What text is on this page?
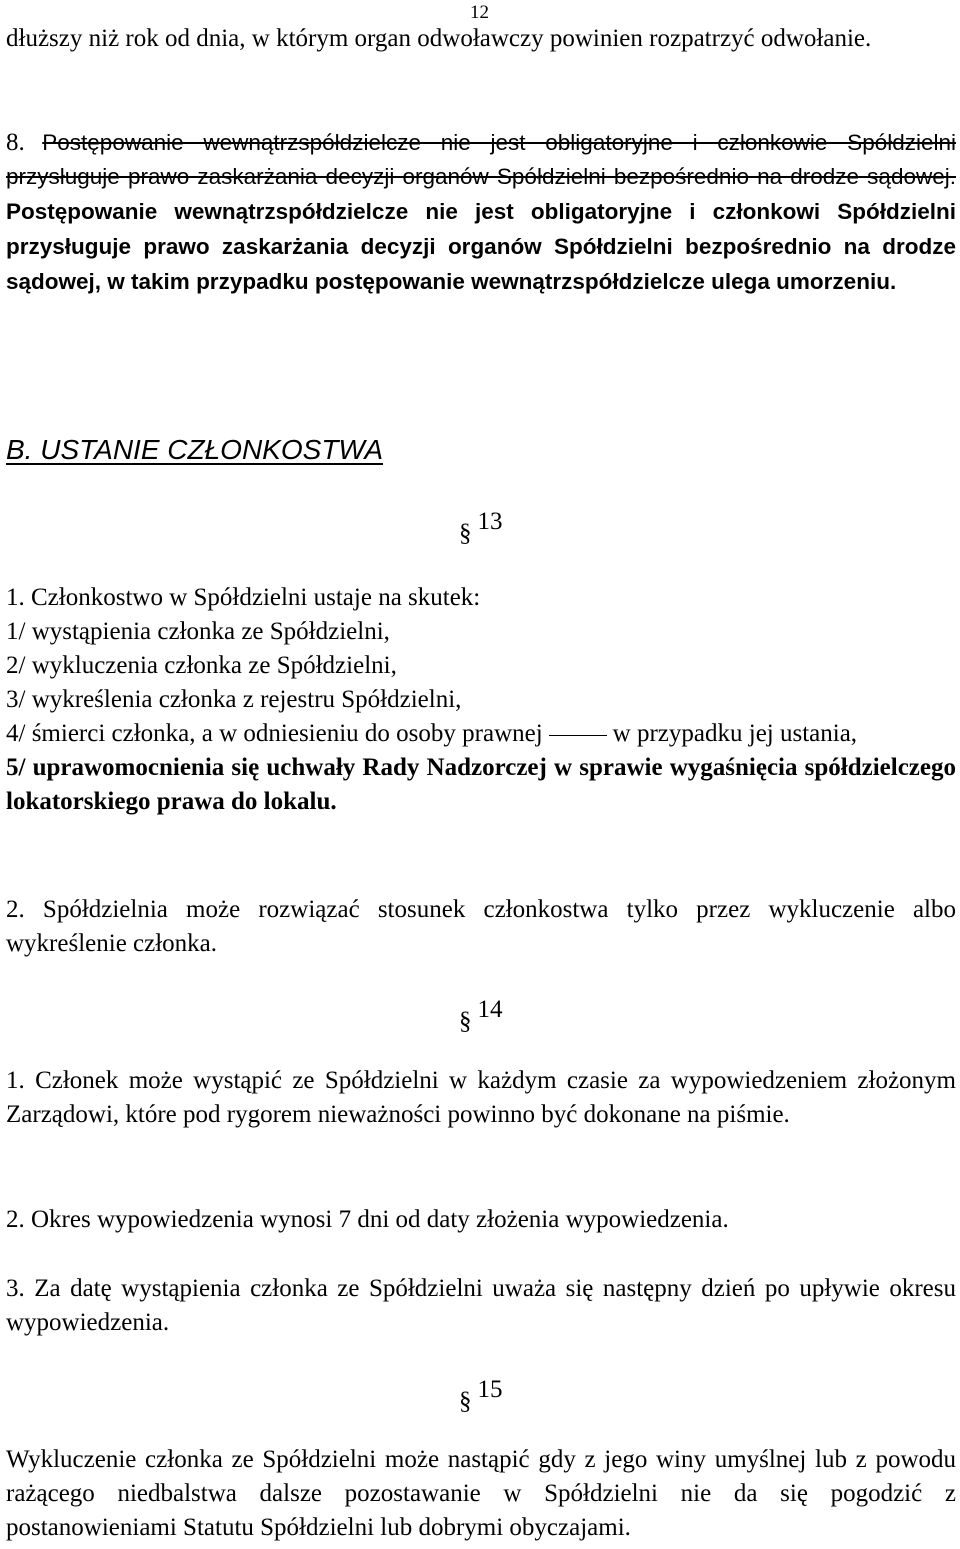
12

dłuższy niż rok od dnia, w którym organ odwoławczy powinien rozpatrzyć odwołanie.

8. Postępowanie wewnątrzspółdzielcze nie jest obligatoryjne i członkowie Spółdzielni przysługuje prawo zaskarżania decyzji organów Spółdzielni bezpośrednio na drodze sądowej. Postępowanie wewnątrzspółdzielcze nie jest obligatoryjne i członkowi Spółdzielni przysługuje prawo zaskarżania decyzji organów Spółdzielni bezpośrednio na drodze sądowej, w takim przypadku postępowanie wewnątrzspółdzielcze ulega umorzeniu.
B. USTANIE CZŁONKOSTWA
§ 13
1. Członkostwo w Spółdzielni ustaje na skutek:
1/ wystąpienia członka ze Spółdzielni,
2/ wykluczenia członka ze Spółdzielni,
3/ wykreślenia członka z rejestru Spółdzielni,
4/ śmierci członka, a w odniesieniu do osoby prawnej	w przypadku jej ustania,
5/ uprawomocnienia się uchwały Rady Nadzorczej w sprawie wygaśnięcia spółdzielczego lokatorskiego prawa do lokalu.

2. Spółdzielnia może rozwiązać stosunek członkostwa tylko przez wykluczenie albo wykreślenie członka.

§ 14

1. Członek może wystąpić ze Spółdzielni w każdym czasie za wypowiedzeniem złożonym Zarządowi, które pod rygorem nieważności powinno być dokonane na piśmie.

2. Okres wypowiedzenia wynosi 7 dni od daty złożenia wypowiedzenia.

3. Za datę wystąpienia członka ze Spółdzielni uważa się następny dzień po upływie okresu wypowiedzenia.

§ 15

Wykluczenie członka ze Spółdzielni może nastąpić gdy z jego winy umyślnej lub z powodu rażącego niedbalstwa dalsze pozostawanie w Spółdzielni nie da się pogodzić z postanowieniami Statutu Spółdzielni lub dobrymi obyczajami.
